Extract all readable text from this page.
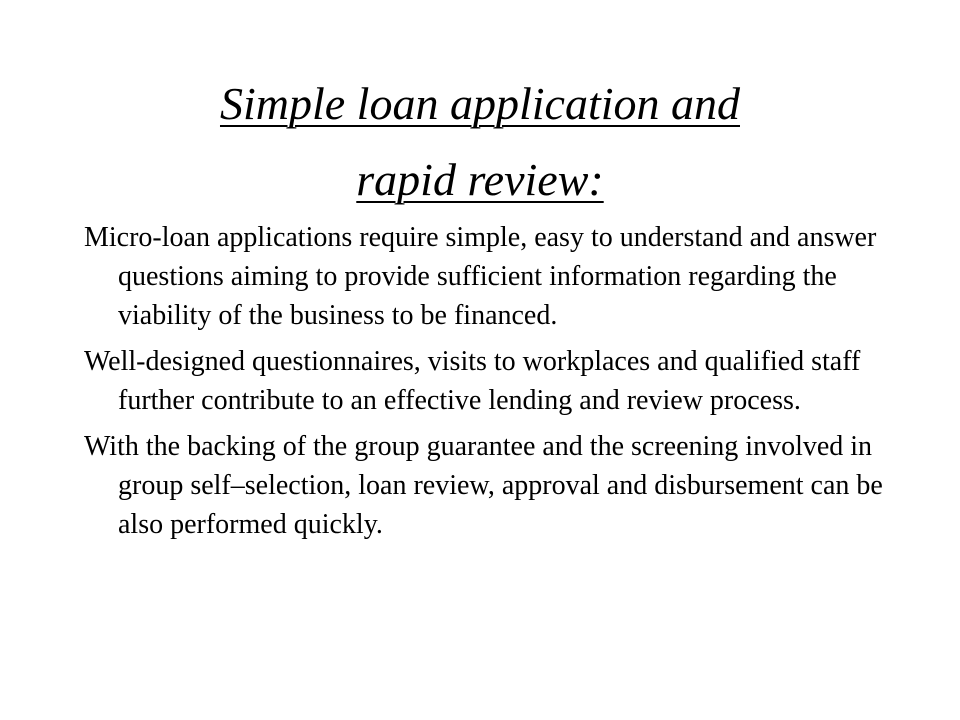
Simple loan application and
rapid review:
Micro-loan applications require simple, easy to understand and answer questions aiming to provide sufficient information regarding the viability of the business to be financed.
Well-designed questionnaires, visits to workplaces and qualified staff further contribute to an effective lending and review process.
With the backing of the group guarantee and the screening involved in group self–selection, loan review, approval and disbursement can be also performed quickly.
